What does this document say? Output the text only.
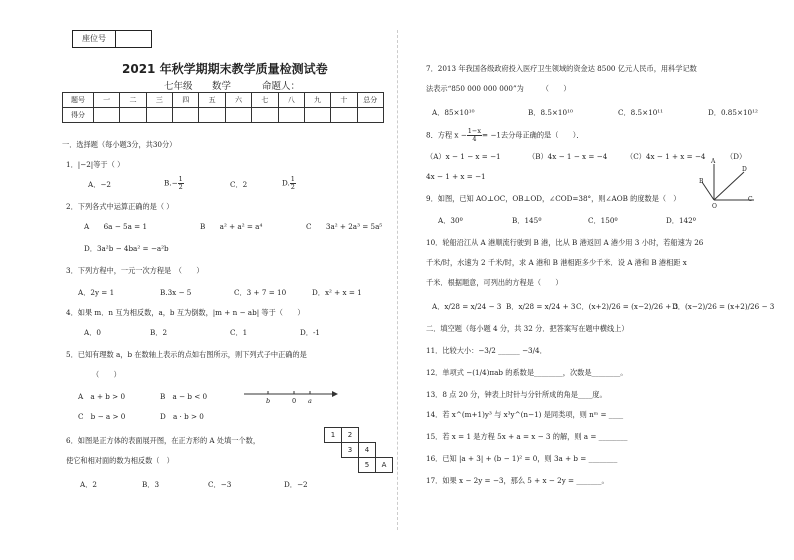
座位号
2021 年秋学期期末教学质量检测试卷
七年级 数学	命题人：
题号	一	二	三	四	五	六	七	八	九	十	总分
得分											
一．选择题（每小题3分，共30分）
1．|−2|等于（ ）
A．−2	$B.- \frac{1}{2}$	C．2	D. $\frac{1}{2}$
2．下列各式中运算正确的是（ ）
A　　6a − 5a = 1	B　　a² + a² = a⁴	C　　3a² + 2a³ = 5a⁵
D．3a²b − 4ba² = −a²b
3．下列方程中，一元一次方程是　（　　）
A．2y = 1	B.3x − 5	C．3 + 7 = 10	D．x² + x = 1
4．如果 m．n 互为相反数，a，b 互为倒数，|m + n − ab| 等于（　　）
A．0	B．2	C．1	D．-1
5．已知有理数 a，b 在数轴上表示的点如右图所示，则下列式子中正确的是
（　　）
A　a + b > 0	B　a − b < 0
C　b − a > 0	D　a · b > 0
b	0 a
6．如图是正方体的表面展开图，在正方形的 A 处填一个数，
使它和相对面的数为相反数（　）
A．2	B．3	C．−3	D．−2
1	2
3	4
5	A
7．2013 年我国各级政府投入医疗卫生领域的资金达 8500 亿元人民币，用科学记数
法表示“850 000 000 000”为　　　（　　）
A．85×10¹⁰	B．8.5×10¹⁰	C．8.5×10¹¹	D．0.85×10¹²
8．方程 $x - \frac{1-x}{4} = -1$去分母正确的是（　　）．
（A）x − 1 − x = −1	（B）4x − 1 − x = −4	（C）4x − 1 + x = −4	（D）
4x − 1 + x = −1
9．如图，已知 AO⊥OC，OB⊥OD，∠COD=38°，则∠AOB 的度数是（　）
A．30º	B．145º	C．150º	D．142º
A
B
C
D
O
10．轮船沿江从 A 港顺流行驶到 B 港，比从 B 港返回 A 港少用 3 小时，若船速为 26
千米/时，水速为 2 千米/时，求 A 港和 B 港相距多少千米．设 A 港和 B 港相距 x
千米．根据题意，可列出的方程是（　　）
A．x/28 = x/24 − 3 B．x/28 = x/24 + 3 C．(x+2)/26 = (x−2)/26 + 3
D．(x−2)/26 = (x+2)/26 − 3
二．填空题（每小题 4 分，共 32 分．把答案写在题中横线上）
11．比较大小：−3/2 ______ −3/4．
12．单项式 −(1/4)πab 的系数是________，次数是________。
13．8 点 20 分，钟表上时针与分针所成的角是____度。
14．若 x^(m+1)y³ 与 x³y^(n−1) 是同类项，则 nᵐ = ____
15．若 x = 1 是方程 5x + a = x − 3 的解，则 a = ________
16．已知 |a + 3| + (b − 1)² = 0，则 3a + b = ________
17．如果 x − 2y = −3，那么 5 + x − 2y = _______。
